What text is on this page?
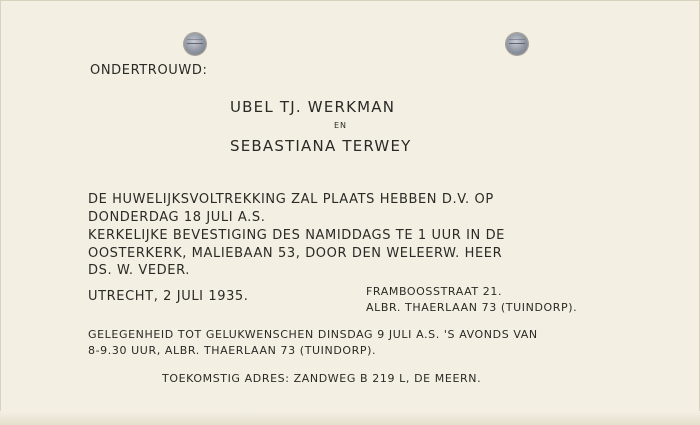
ONDERTROUWD:
UBEL TJ. WERKMAN
EN
SEBASTIANA TERWEY
DE HUWELIJKSVOLTREKKING ZAL PLAATS HEBBEN D.V. OP
DONDERDAG 18 JULI A.S.
KERKELIJKE BEVESTIGING DES NAMIDDAGS TE 1 UUR IN DE
OOSTERKERK, MALIEBAAN 53, DOOR DEN WELEERW. HEER
DS. W. VEDER.
UTRECHT, 2 JULI 1935.	FRAMBOOSSTRAAT 21.
ALBR. THAERLAAN 73 (TUINDORP).
GELEGENHEID TOT GELUKWENSCHEN DINSDAG 9 JULI A.S. 'S AVONDS VAN
8-9.30 UUR, ALBR. THAERLAAN 73 (TUINDORP).
TOEKOMSTIG ADRES: ZANDWEG B 219 L, DE MEERN.
